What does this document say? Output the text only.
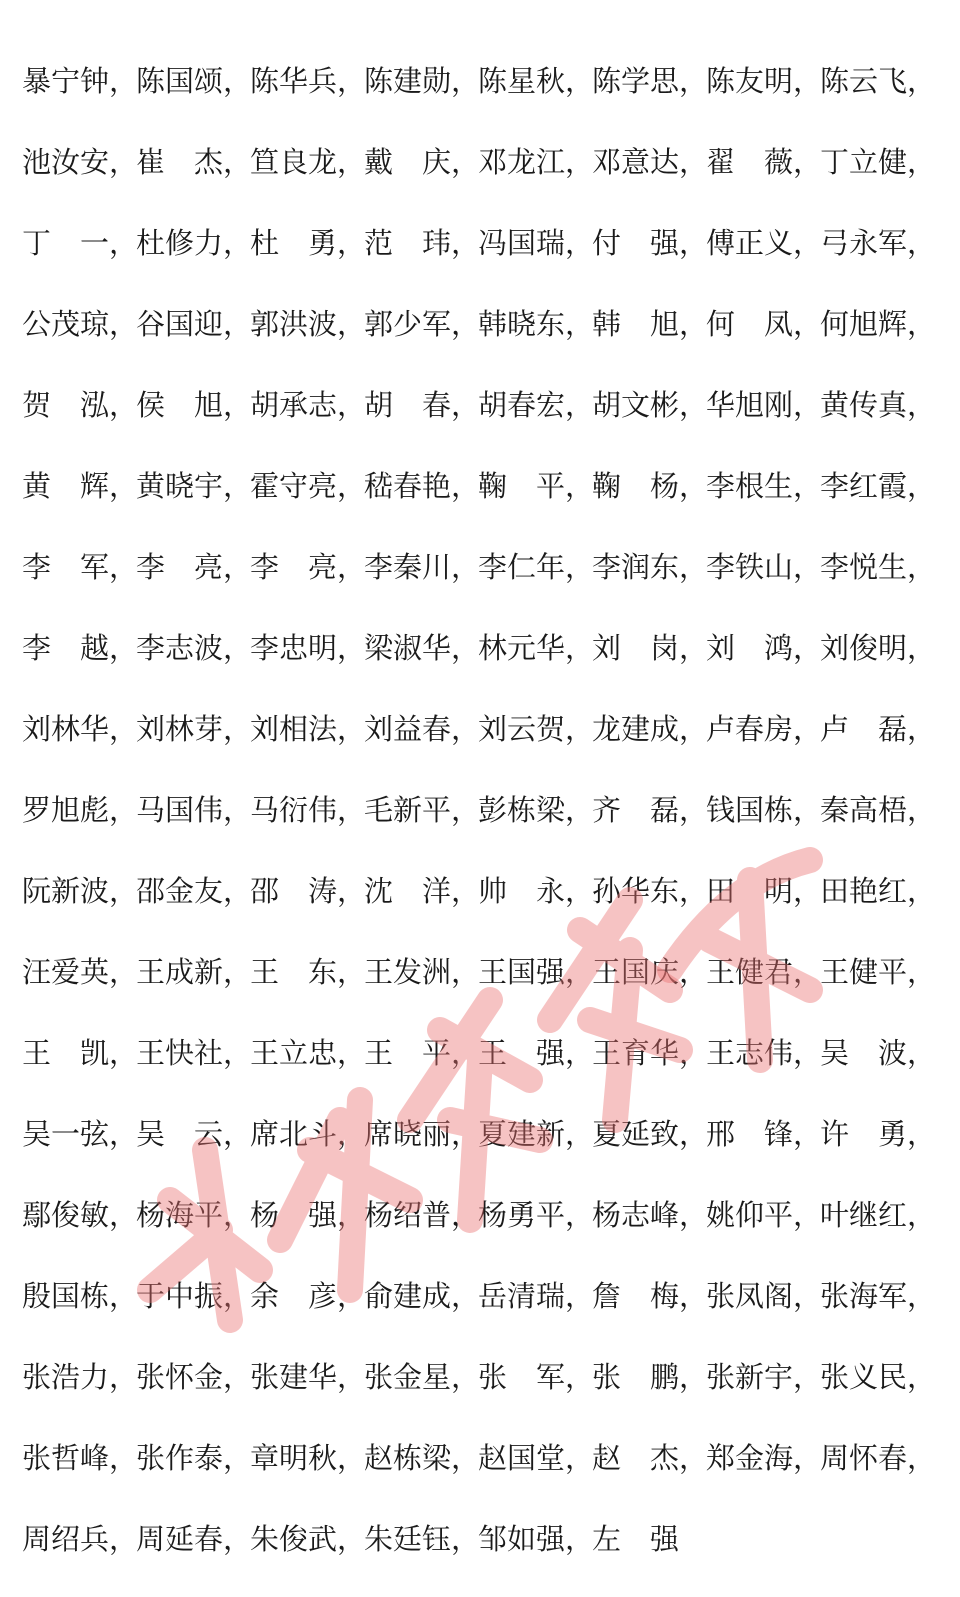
暴宁钟，
陈国颂，
陈华兵，
陈建勋，
陈星秋，
陈学思，
陈友明，
陈云飞，
池汝安，
崔　杰，
笪良龙，
戴　庆，
邓龙江，
邓意达，
翟　薇，
丁立健，
丁　一，
杜修力，
杜　勇，
范　玮，
冯国瑞，
付　强，
傅正义，
弓永军，
公茂琼，
谷国迎，
郭洪波，
郭少军，
韩晓东，
韩　旭，
何　凤，
何旭辉，
贺　泓，
侯　旭，
胡承志，
胡　春，
胡春宏，
胡文彬，
华旭刚，
黄传真，
黄　辉，
黄晓宇，
霍守亮，
嵇春艳，
鞠　平，
鞠　杨，
李根生，
李红霞，
李　军，
李　亮，
李　亮，
李秦川，
李仁年，
李润东，
李铁山，
李悦生，
李　越，
李志波，
李忠明，
梁淑华，
林元华，
刘　岗，
刘　鸿，
刘俊明，
刘林华，
刘林芽，
刘相法，
刘益春，
刘云贺，
龙建成，
卢春房，
卢　磊，
罗旭彪，
马国伟，
马衍伟，
毛新平，
彭栋梁，
齐　磊，
钱国栋，
秦高梧，
阮新波，
邵金友，
邵　涛，
沈　洋，
帅　永，
孙华东，
田　明，
田艳红，
汪爱英，
王成新，
王　东，
王发洲，
王国强，
王国庆，
王健君，
王健平，
王　凯，
王快社，
王立忠，
王　平，
王　强，
王育华，
王志伟，
吴　波，
吴一弦，
吴　云，
席北斗，
席晓丽，
夏建新，
夏延致，
邢　锋，
许　勇，
鄢俊敏，
杨海平，
杨　强，
杨绍普，
杨勇平，
杨志峰，
姚仰平，
叶继红，
殷国栋，
于中振，
余　彦，
俞建成，
岳清瑞，
詹　梅，
张凤阁，
张海军，
张浩力，
张怀金，
张建华，
张金星，
张　军，
张　鹏，
张新宇，
张义民，
张哲峰，
张作泰，
章明秋，
赵栋梁，
赵国堂，
赵　杰，
郑金海，
周怀春，
周绍兵，
周延春，
朱俊武，
朱廷钰，
邹如强，
左　强
